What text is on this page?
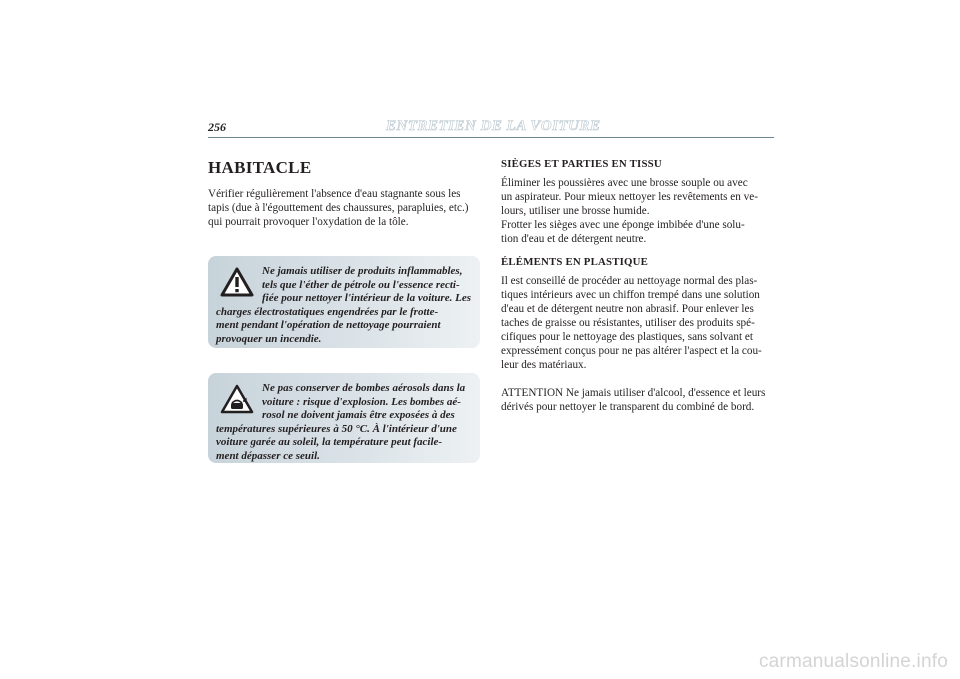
256	ENTRETIEN DE LA VOITURE
HABITACLE

Vérifier régulièrement l'absence d'eau stagnante sous les
tapis (due à l'égouttement des chaussures, parapluies, etc.)
qui pourrait provoquer l'oxydation de la tôle.

Ne jamais utiliser de produits inflammables,
tels que l'éther de pétrole ou l'essence recti-
fiée pour nettoyer l'intérieur de la voiture. Les
charges électrostatiques engendrées par le frotte-
ment pendant l'opération de nettoyage pourraient
provoquer un incendie.

Ne pas conserver de bombes aérosols dans la
voiture : risque d'explosion. Les bombes aé-
rosol ne doivent jamais être exposées à des
températures supérieures à 50 °C. À l'intérieur d'une
voiture garée au soleil, la température peut facile-
ment dépasser ce seuil.

SIÈGES ET PARTIES EN TISSU

Éliminer les poussières avec une brosse souple ou avec
un aspirateur. Pour mieux nettoyer les revêtements en ve-
lours, utiliser une brosse humide.
Frotter les sièges avec une éponge imbibée d'une solu-
tion d'eau et de détergent neutre.

ÉLÉMENTS EN PLASTIQUE

Il est conseillé de procéder au nettoyage normal des plas-
tiques intérieurs avec un chiffon trempé dans une solution
d'eau et de détergent neutre non abrasif. Pour enlever les
taches de graisse ou résistantes, utiliser des produits spé-
cifiques pour le nettoyage des plastiques, sans solvant et
expressément conçus pour ne pas altérer l'aspect et la cou-
leur des matériaux.

ATTENTION Ne jamais utiliser d'alcool, d'essence et leurs
dérivés pour nettoyer le transparent du combiné de bord.

carmanualsonline.info
